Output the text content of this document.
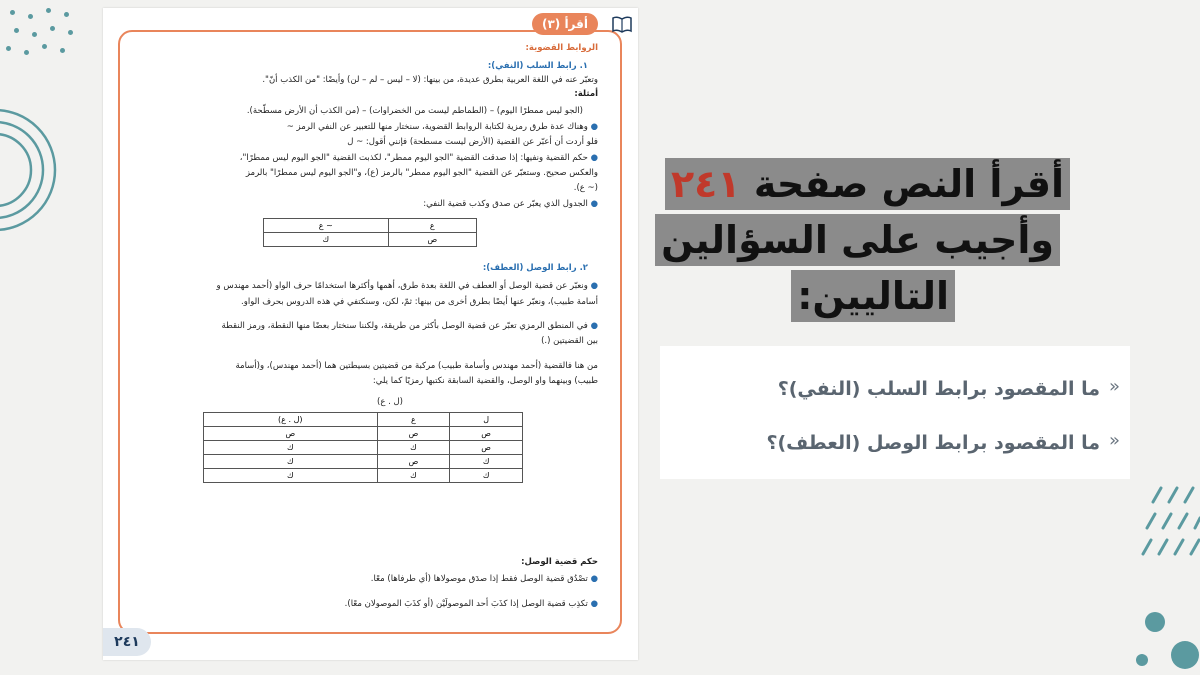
أقرأ (٣)
الروابط القضوية:
١. رابط السلب (النفي):
وتعبّر عنه في اللغة العربية بطرق عديدة، من بينها: (لا – ليس – لم – لن) وأيضًا: "من الكذب أنّ".
أمثلة:
(الجو ليس ممطرًا اليوم) – (الطماطم ليست من الخضراوات) – (من الكذب أن الأرض مسطّحة).
● وهناك عدة طرق رمزية لكتابة الروابط القضوية، سنختار منها للتعبير عن النفي الرمز ~
فلو أردت أن أعبّر عن القضية (الأرض ليست مسطحة) فإنني أقول: ~ ل
● حكم القضية ونفيها: إذا صدقت القضية "الجو اليوم ممطر"، لكذبت القضية "الجو اليوم ليس ممطرًا"،
والعكس صحيح. وستعبّر عن القضية "الجو اليوم ممطر" بالرمز (ع)، و"الجو اليوم ليس ممطرًا" بالرمز
(~ ع).
● الجدول الذي يعبّر عن صدق وكذب قضية النفي:
ع	~ ع
ص	ك
٢. رابط الوصل (العطف):
● ونعبّر عن قضية الوصل أو العطف في اللغة بعدة طرق، أهمها وأكثرها استخدامًا حرف الواو (أحمد مهندس و
أسامة طبيب)، ونعبّر عنها أيضًا بطرق أخرى من بينها: ثمّ، لكن، وسنكتفي في هذه الدروس بحرف الواو.
● في المنطق الرمزي تعبّر عن قضية الوصل بأكثر من طريقة، ولكننا سنختار بعضًا منها النقطة، ورمز النقطة
بين القضيتين (.)
من هنا فالقضية (أحمد مهندس وأسامة طبيب) مركبة من قضيتين بسيطتين هما (أحمد مهندس)، و(أسامة
طبيب) وبينهما واو الوصل، والقضية السابقة نكتبها رمزيًا كما يلي:
(ل . ع)
ل	ع	(ل . ع)
ص	ص	ص
ص	ك	ك
ك	ص	ك
ك	ك	ك
حكم قضية الوصل:
● تصْدُق قضية الوصل فقط إذا صدَق موصولاها (أي طرفاها) معًا.
● تكذِب قضية الوصل إذا كذَبَ أحد الموصولَيْن (أو كذَبَ الموصولان معًا).
٢٤١
أقرأ النص صفحة ٢٤١
وأجيب على السؤالين
التاليين:
ما المقصود برابط السلب (النفي)؟ »
ما المقصود برابط الوصل (العطف)؟ »
